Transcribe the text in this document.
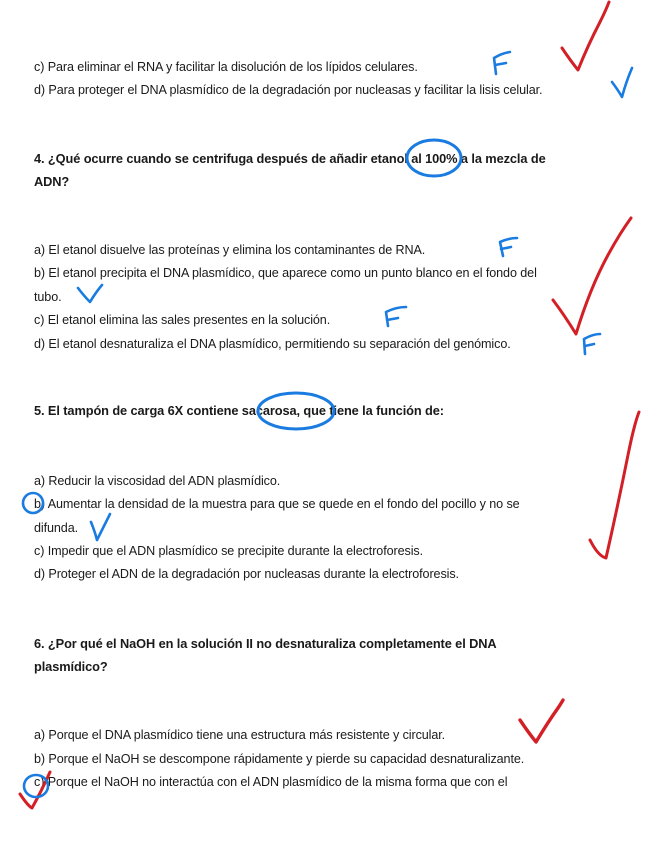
c) Para eliminar el RNA y facilitar la disolución de los lípidos celulares.
d) Para proteger el DNA plasmídico de la degradación por nucleasas y facilitar la lisis celular.
4. ¿Qué ocurre cuando se centrifuga después de añadir etanol al 100% a la mezcla de
ADN?
a) El etanol disuelve las proteínas y elimina los contaminantes de RNA.
b) El etanol precipita el DNA plasmídico, que aparece como un punto blanco en el fondo del
tubo.
c) El etanol elimina las sales presentes en la solución.
d) El etanol desnaturaliza el DNA plasmídico, permitiendo su separación del genómico.
5. El tampón de carga 6X contiene sacarosa, que tiene la función de:
a) Reducir la viscosidad del ADN plasmídico.
b) Aumentar la densidad de la muestra para que se quede en el fondo del pocillo y no se
difunda.
c) Impedir que el ADN plasmídico se precipite durante la electroforesis.
d) Proteger el ADN de la degradación por nucleasas durante la electroforesis.
6. ¿Por qué el NaOH en la solución II no desnaturaliza completamente el DNA
plasmídico?
a) Porque el DNA plasmídico tiene una estructura más resistente y circular.
b) Porque el NaOH se descompone rápidamente y pierde su capacidad desnaturalizante.
c) Porque el NaOH no interactúa con el ADN plasmídico de la misma forma que con el
